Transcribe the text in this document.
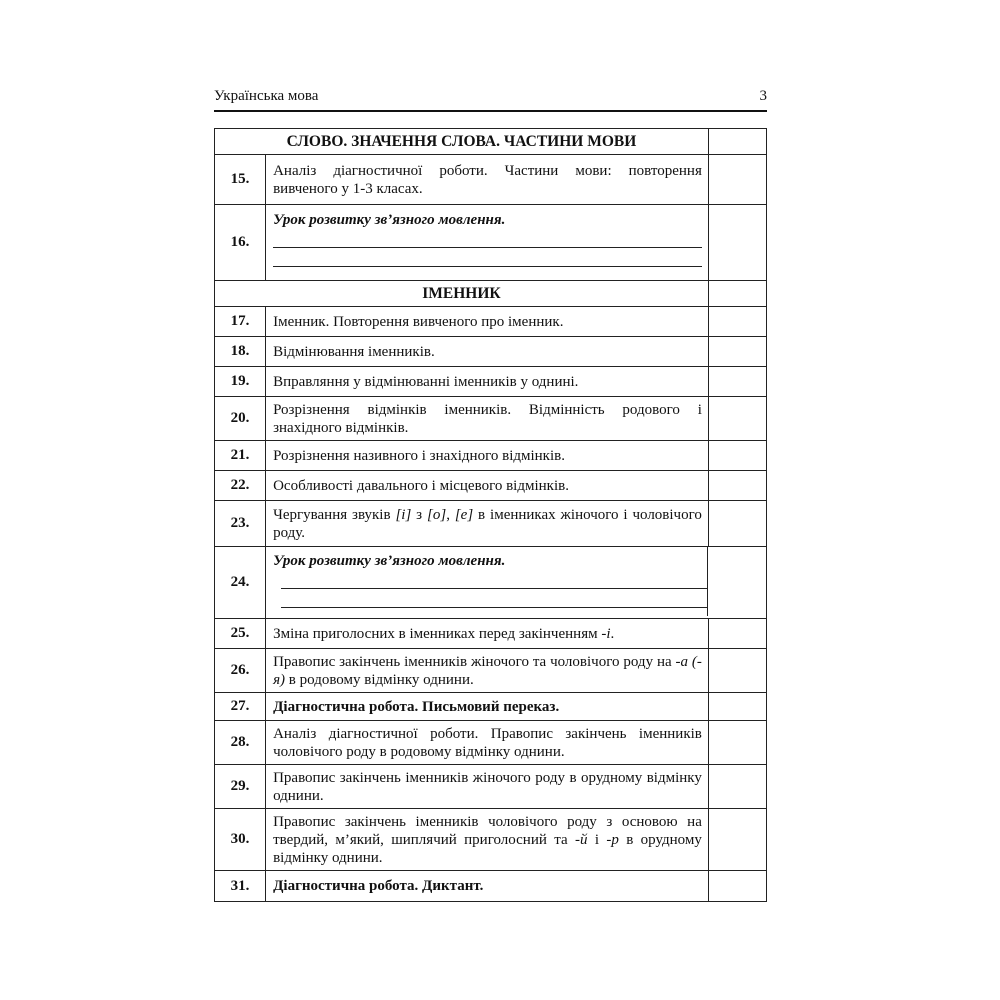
Українська мова	3
СЛОВО. ЗНАЧЕННЯ СЛОВА. ЧАСТИНИ МОВИ		
15.	Аналіз діагностичної роботи. Частини мови: повторення вивченого у 1-3 класах.	
16.	Урок розвитку зв’язного мовлення.	

ІМЕННИК		
17.	Іменник. Повторення вивченого про іменник.	
18.	Відмінювання іменників.	
19.	Вправляння у відмінюванні іменників у однині.	
20.	Розрізнення відмінків іменників. Відмінність родового і знахідного відмінків.	
21.	Розрізнення називного і знахідного відмінків.	
22.	Особливості давального і місцевого відмінків.	
23.	Чергування звуків [і] з [о], [е] в іменниках жіночого і чоловічого роду.	
24.	Урок розвитку зв’язного мовлення.	

25.	Зміна приголосних в іменниках перед закінченням -і.	
26.	Правопис закінчень іменників жіночого та чоловічого роду на -а (-я) в родовому відмінку однини.	
27.	Діагностична робота. Письмовий переказ.	
28.	Аналіз діагностичної роботи. Правопис закінчень іменників чоловічого роду в родовому відмінку однини.	
29.	Правопис закінчень іменників жіночого роду в орудному відмінку однини.	
30.	Правопис закінчень іменників чоловічого роду з основою на твердий, м’який, шиплячий приголосний та -й і -р в орудному відмінку однини.	
31.	Діагностична робота. Диктант.	
